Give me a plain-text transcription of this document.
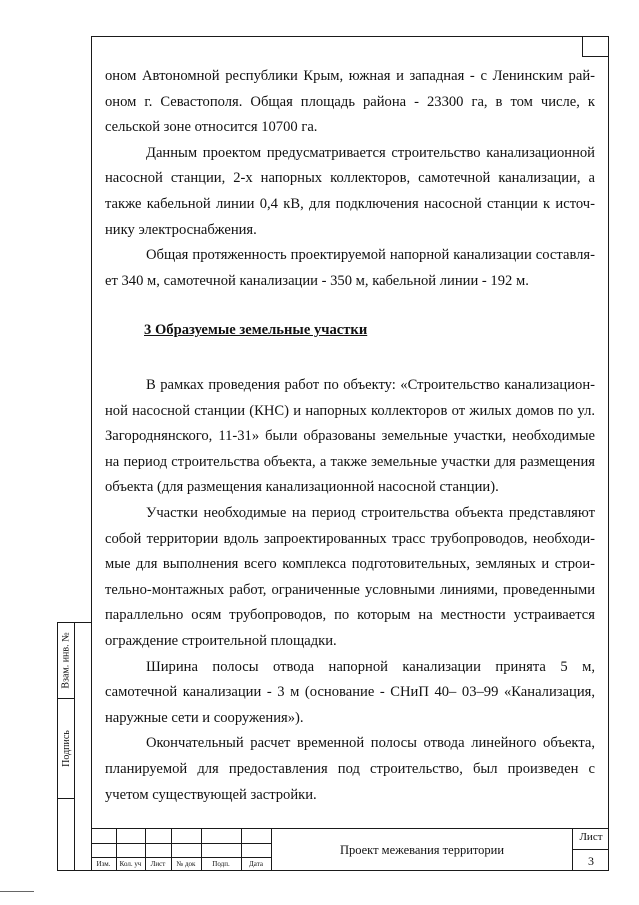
оном Автономной республики Крым, южная и западная - с Ленинским рай-оном г. Севастополя. Общая площадь района - 23300 га, в том числе, к сельской зоне относится 10700 га.

Данным проектом предусматривается строительство канализационной насосной станции, 2-х напорных коллекторов, самотечной канализации, а также кабельной линии 0,4 кВ, для подключения насосной станции к источ-нику электроснабжения.

Общая протяженность проектируемой напорной канализации составля-ет 340 м, самотечной канализации - 350 м, кабельной линии - 192 м.

3 Образуемые земельные участки

В рамках проведения работ по объекту: «Строительство канализацион-ной насосной станции (КНС) и напорных коллекторов от жилых домов по ул. Загороднянского, 11-31» были образованы земельные участки, необходимые на период строительства объекта, а также земельные участки для размещения объекта (для размещения канализационной насосной станции).

Участки необходимые на период строительства объекта представляют собой территории вдоль запроектированных трасс трубопроводов, необходи-мые для выполнения всего комплекса подготовительных, земляных и строи-тельно-монтажных работ, ограниченные условными линиями, проведенными параллельно осям трубопроводов, по которым на местности устраивается ограждение строительной площадки.

Ширина полосы отвода напорной канализации принята 5 м, самотечной канализации - 3 м (основание - СНиП 40– 03–99 «Канализация, наружные сети и сооружения»).

Окончательный расчет временной полосы отвода линейного объекта, планируемой для предоставления под строительство, был произведен с учетом существующей застройки.

Взам. инв. №
Подпись
Изм.	Кол. уч	Лист	№ док	Подп.	Дата
Проект межевания территории
Лист
3
